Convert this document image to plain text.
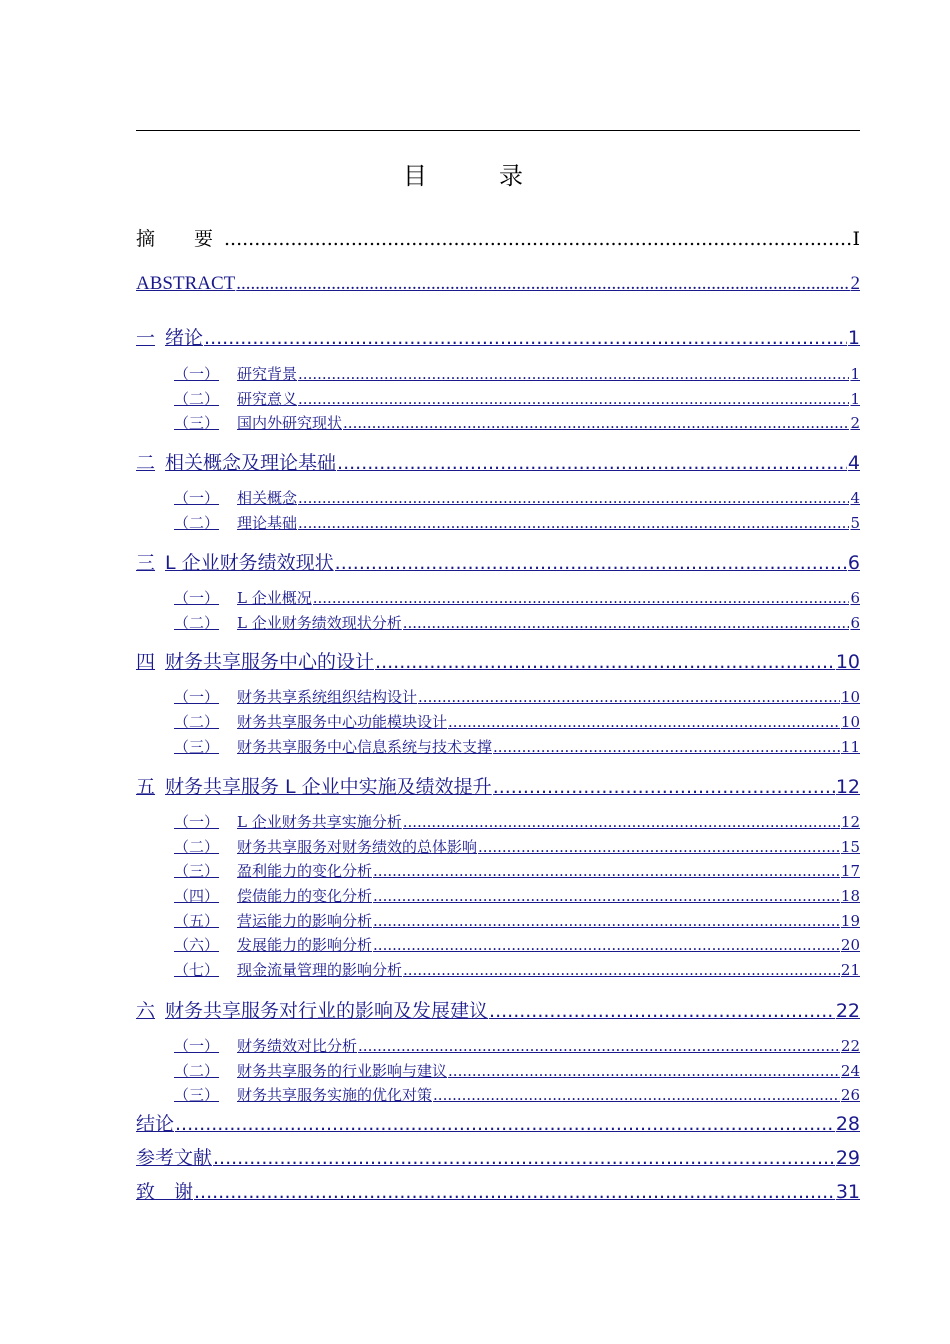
目　录
摘　要 .....	I
ABSTRACT .....	2
一 绪论 .....	1
（一） 研究背景 .....	1
（二） 研究意义 .....	1
（三） 国内外研究现状 .....	2
二 相关概念及理论基础 .....	4
（一） 相关概念 .....	4
（二） 理论基础 .....	5
三 L 企业财务绩效现状 .....	6
（一） L 企业概况 .....	6
（二） L 企业财务绩效现状分析 .....	6
四 财务共享服务中心的设计 .....	10
（一） 财务共享系统组织结构设计 .....	10
（二） 财务共享服务中心功能模块设计 .....	10
（三） 财务共享服务中心信息系统与技术支撑 .....	11
五 财务共享服务 L 企业中实施及绩效提升 .....	12
（一） L 企业财务共享实施分析 .....	12
（二） 财务共享服务对财务绩效的总体影响 .....	15
（三） 盈利能力的变化分析 .....	17
（四） 偿债能力的变化分析 .....	18
（五） 营运能力的影响分析 .....	19
（六） 发展能力的影响分析 .....	20
（七） 现金流量管理的影响分析 .....	21
六 财务共享服务对行业的影响及发展建议 .....	22
（一） 财务绩效对比分析 .....	22
（二） 财务共享服务的行业影响与建议 .....	24
（三） 财务共享服务实施的优化对策 .....	26
结论 .....	28
参考文献 .....	29
致　谢 .....	31
